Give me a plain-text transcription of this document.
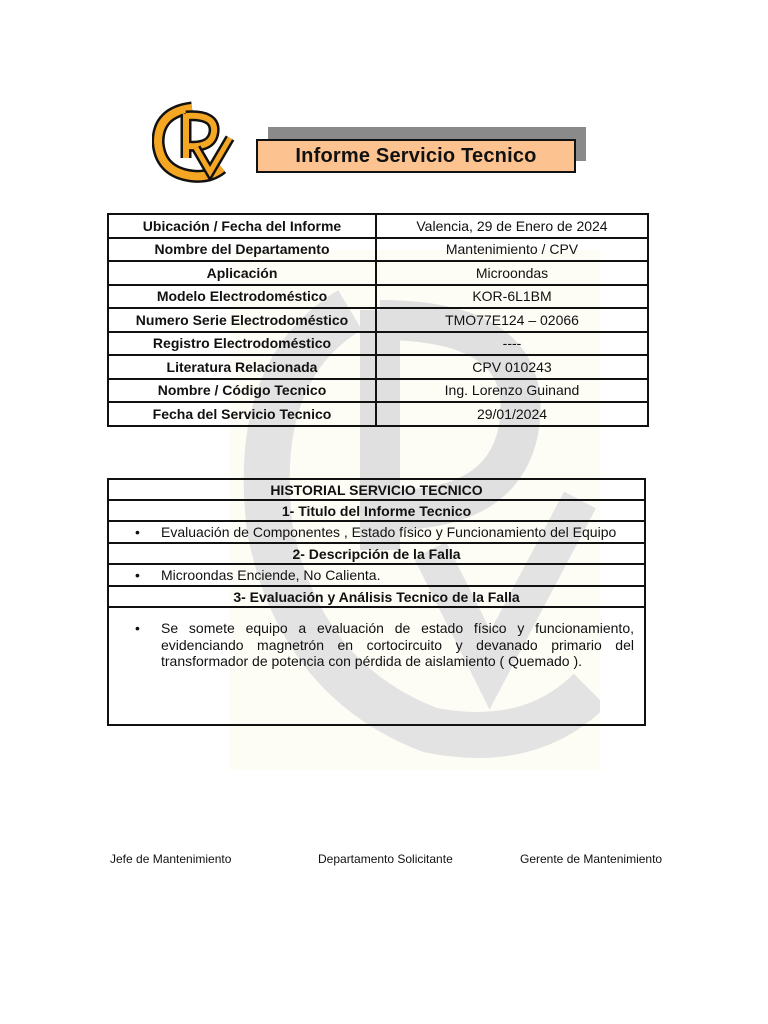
Informe Servicio Tecnico
Ubicación / Fecha del Informe	Valencia, 29 de Enero de 2024
Nombre del Departamento	Mantenimiento / CPV
Aplicación	Microondas
Modelo Electrodoméstico	KOR-6L1BM
Numero Serie Electrodoméstico	TMO77E124 – 02066
Registro Electrodoméstico	----
Literatura Relacionada	CPV 010243
Nombre / Código Tecnico	Ing. Lorenzo Guinand
Fecha del Servicio Tecnico	29/01/2024
HISTORIAL SERVICIO TECNICO
1- Titulo del Informe Tecnico

•	Evaluación de Componentes , Estado físico y Funcionamiento del Equipo

2- Descripción de la Falla

•	Microondas Enciende, No Calienta.

3- Evaluación y Análisis Tecnico de la Falla

•	Se somete equipo a evaluación de estado físico y funcionamiento, evidenciando magnetrón en cortocircuito y devanado primario del transformador de potencia con pérdida de aislamiento ( Quemado ).
Jefe de Mantenimiento	Departamento Solicitante	Gerente de Mantenimiento
